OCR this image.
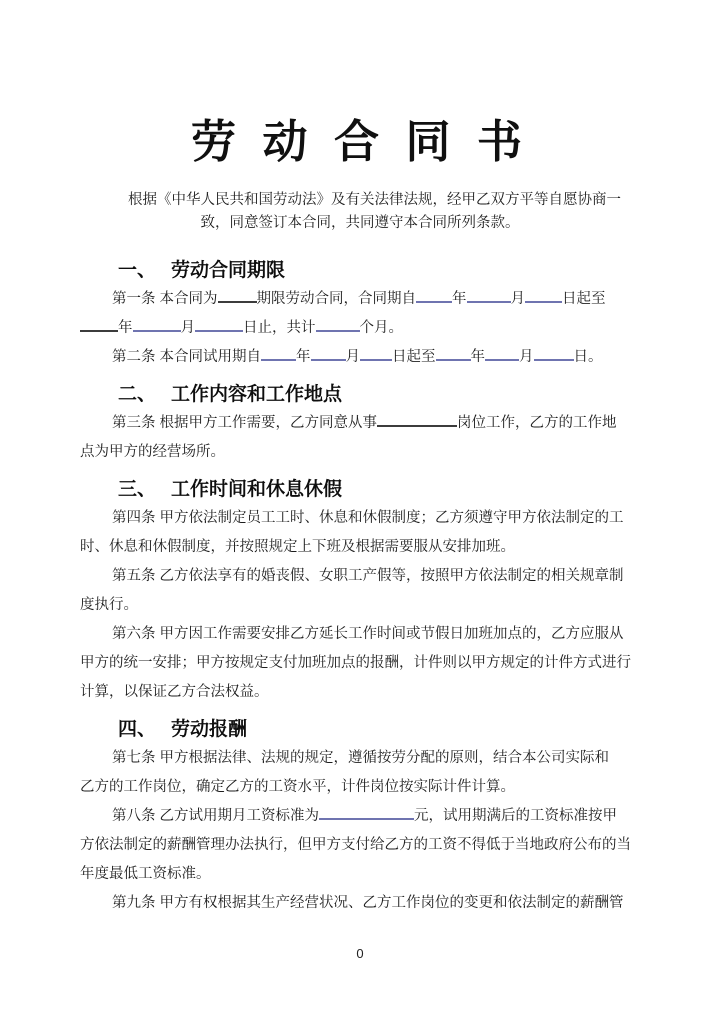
劳 动 合 同 书
　　根据《中华人民共和国劳动法》及有关法律法规，经甲乙双方平等自愿协商一
致，同意签订本合同，共同遵守本合同所列条款。
一、 劳动合同期限
第一条 本合同为	期限劳动合同，合同期自 年	月	日起至
年	月	日止，共计	个月。
第二条 本合同试用期自 年 月 日起至 年 月	日。
二、 工作内容和工作地点
第三条 根据甲方工作需要，乙方同意从事	岗位工作，乙方的工作地
点为甲方的经营场所。
三、 工作时间和休息休假
第四条 甲方依法制定员工工时、休息和休假制度；乙方须遵守甲方依法制定的工
时、休息和休假制度，并按照规定上下班及根据需要服从安排加班。
第五条 乙方依法享有的婚丧假、女职工产假等，按照甲方依法制定的相关规章制
度执行。
第六条 甲方因工作需要安排乙方延长工作时间或节假日加班加点的，乙方应服从
甲方的统一安排；甲方按规定支付加班加点的报酬，计件则以甲方规定的计件方式进行
计算，以保证乙方合法权益。
四、 劳动报酬
第七条 甲方根据法律、法规的规定，遵循按劳分配的原则，结合本公司实际和
乙方的工作岗位，确定乙方的工资水平，计件岗位按实际计件计算。
第八条 乙方试用期月工资标准为	元，试用期满后的工资标准按甲
方依法制定的薪酬管理办法执行，但甲方支付给乙方的工资不得低于当地政府公布的当
年度最低工资标准。
第九条 甲方有权根据其生产经营状况、乙方工作岗位的变更和依法制定的薪酬管
0
